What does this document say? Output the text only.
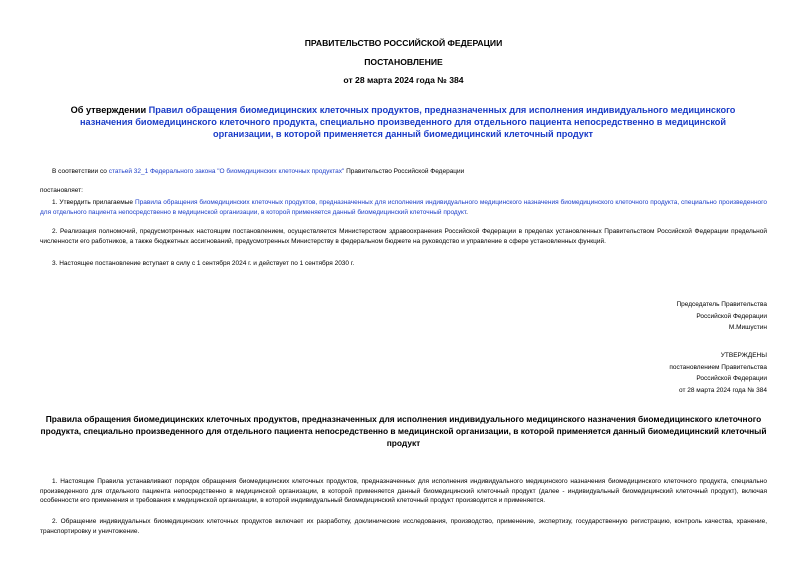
ПРАВИТЕЛЬСТВО РОССИЙСКОЙ ФЕДЕРАЦИИ
ПОСТАНОВЛЕНИЕ
от 28 марта 2024 года № 384
Об утверждении Правил обращения биомедицинских клеточных продуктов, предназначенных для исполнения индивидуального медицинского назначения биомедицинского клеточного продукта, специально произведенного для отдельного пациента непосредственно в медицинской организации, в которой применяется данный биомедицинский клеточный продукт
В соответствии со статьей 32_1 Федерального закона "О биомедицинских клеточных продуктах" Правительство Российской Федерации
постановляет:
1. Утвердить прилагаемые Правила обращения биомедицинских клеточных продуктов, предназначенных для исполнения индивидуального медицинского назначения биомедицинского клеточного продукта, специально произведенного для отдельного пациента непосредственно в медицинской организации, в которой применяется данный биомедицинский клеточный продукт.
2. Реализация полномочий, предусмотренных настоящим постановлением, осуществляется Министерством здравоохранения Российской Федерации в пределах установленных Правительством Российской Федерации предельной численности его работников, а также бюджетных ассигнований, предусмотренных Министерству в федеральном бюджете на руководство и управление в сфере установленных функций.
3. Настоящее постановление вступает в силу с 1 сентября 2024 г. и действует по 1 сентября 2030 г.
Председатель Правительства
Российской Федерации
М.Мишустин
УТВЕРЖДЕНЫ
постановлением Правительства
Российской Федерации
от 28 марта 2024 года № 384
Правила обращения биомедицинских клеточных продуктов, предназначенных для исполнения индивидуального медицинского назначения биомедицинского клеточного продукта, специально произведенного для отдельного пациента непосредственно в медицинской организации, в которой применяется данный биомедицинский клеточный продукт
1. Настоящие Правила устанавливают порядок обращения биомедицинских клеточных продуктов, предназначенных для исполнения индивидуального медицинского назначения биомедицинского клеточного продукта, специально произведенного для отдельного пациента непосредственно в медицинской организации, в которой применяется данный биомедицинский клеточный продукт (далее - индивидуальный биомедицинский клеточный продукт), включая особенности его применения и требования к медицинской организации, в которой индивидуальный биомедицинский клеточный продукт производится и применяется.
2. Обращение индивидуальных биомедицинских клеточных продуктов включает их разработку, доклинические исследования, производство, применение, экспертизу, государственную регистрацию, контроль качества, хранение, транспортировку и уничтожение.
